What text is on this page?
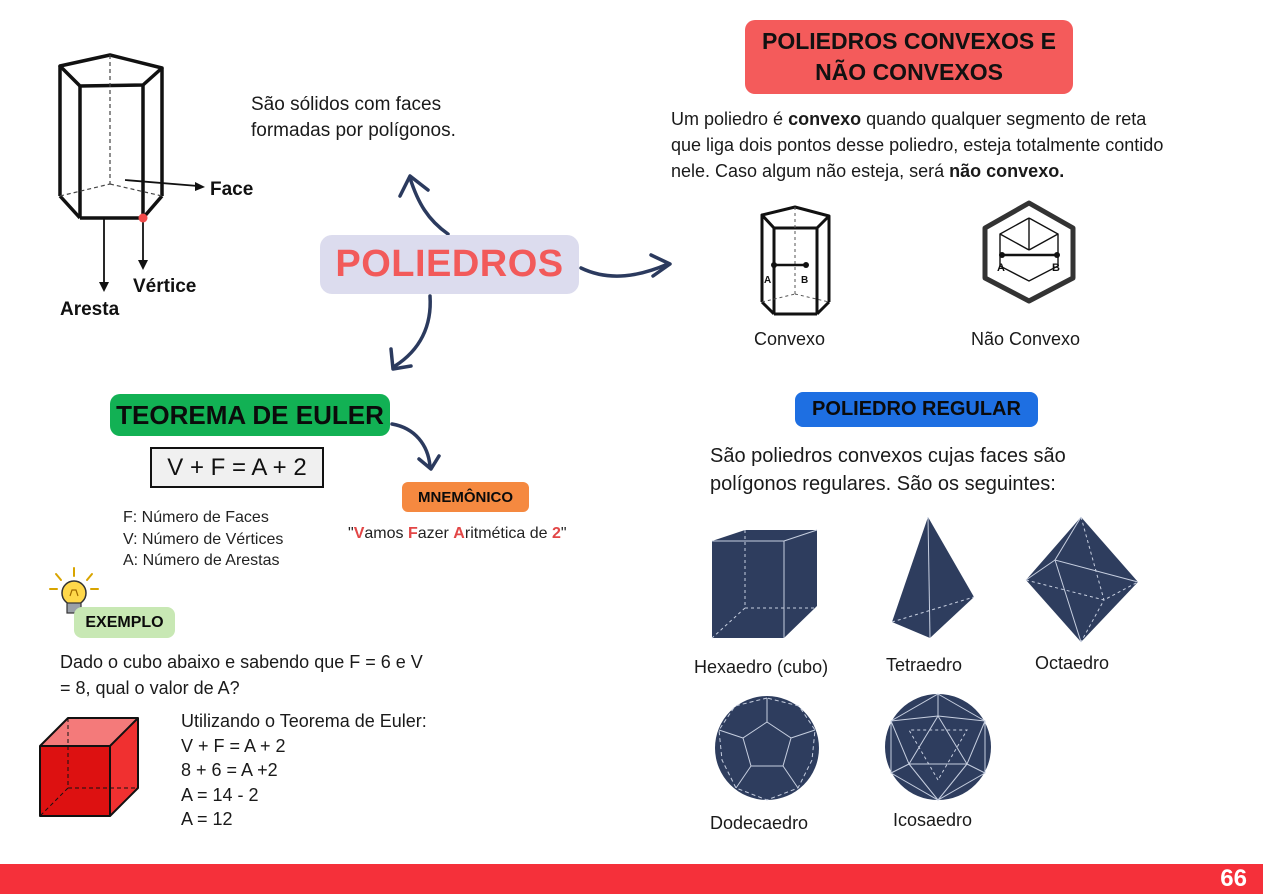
Face
Vértice
Aresta
São sólidos com faces
formadas por polígonos.
POLIEDROS
POLIEDROS CONVEXOS E
NÃO CONVEXOS
Um poliedro é convexo quando qualquer segmento de reta
que liga dois pontos desse poliedro, esteja totalmente contido
nele. Caso algum não esteja, será não convexo.
A	B
A	B
Convexo	Não Convexo
POLIEDRO REGULAR
São poliedros convexos cujas faces são
polígonos regulares. São os seguintes:
Hexaedro (cubo)	Tetraedro	Octaedro
Dodecaedro	Icosaedro
TEOREMA DE EULER
V + F = A + 2
F: Número de Faces
V: Número de Vértices
A: Número de Arestas
MNEMÔNICO
"Vamos Fazer Aritmética de 2"
EXEMPLO
Dado o cubo abaixo e sabendo que F = 6 e V
= 8, qual o valor de A?
Utilizando o Teorema de Euler:
V + F = A + 2
8 + 6 = A +2
A = 14 - 2
A = 12
66
